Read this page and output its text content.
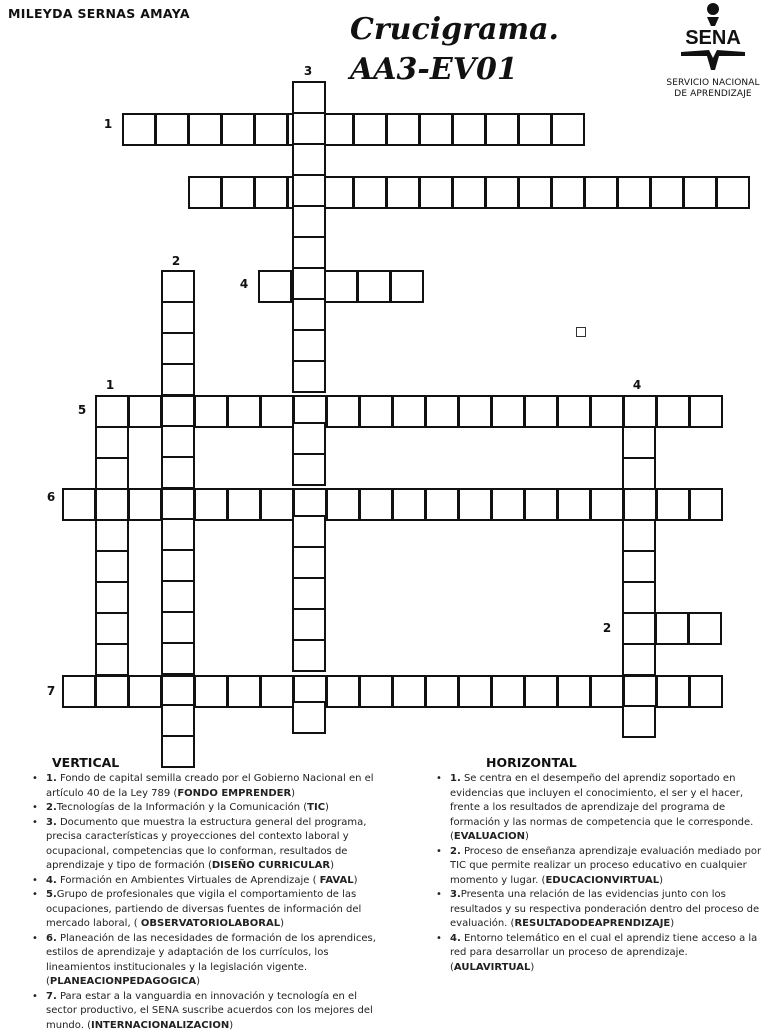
MILEYDA SERNAS AMAYA	Crucigrama.
AA3-EV01
SENA
SERVICIO NACIONAL
DE APRENDIZAJE
1
2
3
4
5
6
7
1
2
4
VERTICAL	HORIZONTAL
• 1. Fondo de capital semilla creado por el Gobierno Nacional en el artículo 40 de la Ley 789 (FONDO EMPRENDER)
• 2.Tecnologías de la Información y la Comunicación (TIC)
• 3. Documento que muestra la estructura general del programa, precisa características y proyecciones del contexto laboral y ocupacional, competencias que lo conforman, resultados de aprendizaje y tipo de formación (DISEÑO CURRICULAR)
• 4. Formación en Ambientes Virtuales de Aprendizaje ( FAVAL)
• 5.Grupo de profesionales que vigila el comportamiento de las ocupaciones, partiendo de diversas fuentes de información del mercado laboral, ( OBSERVATORIOLABORAL)
• 6. Planeación de las necesidades de formación de los aprendices, estilos de aprendizaje y adaptación de los currículos, los lineamientos institucionales y la legislación vigente. (PLANEACIONPEDAGOGICA)
• 7. Para estar a la vanguardia en innovación y tecnología en el sector productivo, el SENA suscribe acuerdos con los mejores del mundo. (INTERNACIONALIZACION)
• 1. Se centra en el desempeño del aprendiz soportado en evidencias que incluyen el conocimiento, el ser y el hacer, frente a los resultados de aprendizaje del programa de formación y las normas de competencia que le corresponde. (EVALUACION)
• 2. Proceso de enseñanza aprendizaje evaluación mediado por TIC que permite realizar un proceso educativo en cualquier momento y lugar. (EDUCACIONVIRTUAL)
• 3.Presenta una relación de las evidencias junto con los resultados y su respectiva ponderación dentro del proceso de evaluación. (RESULTADODEAPRENDIZAJE)
• 4. Entorno telemático en el cual el aprendiz tiene acceso a la red para desarrollar un proceso de aprendizaje. (AULAVIRTUAL)
